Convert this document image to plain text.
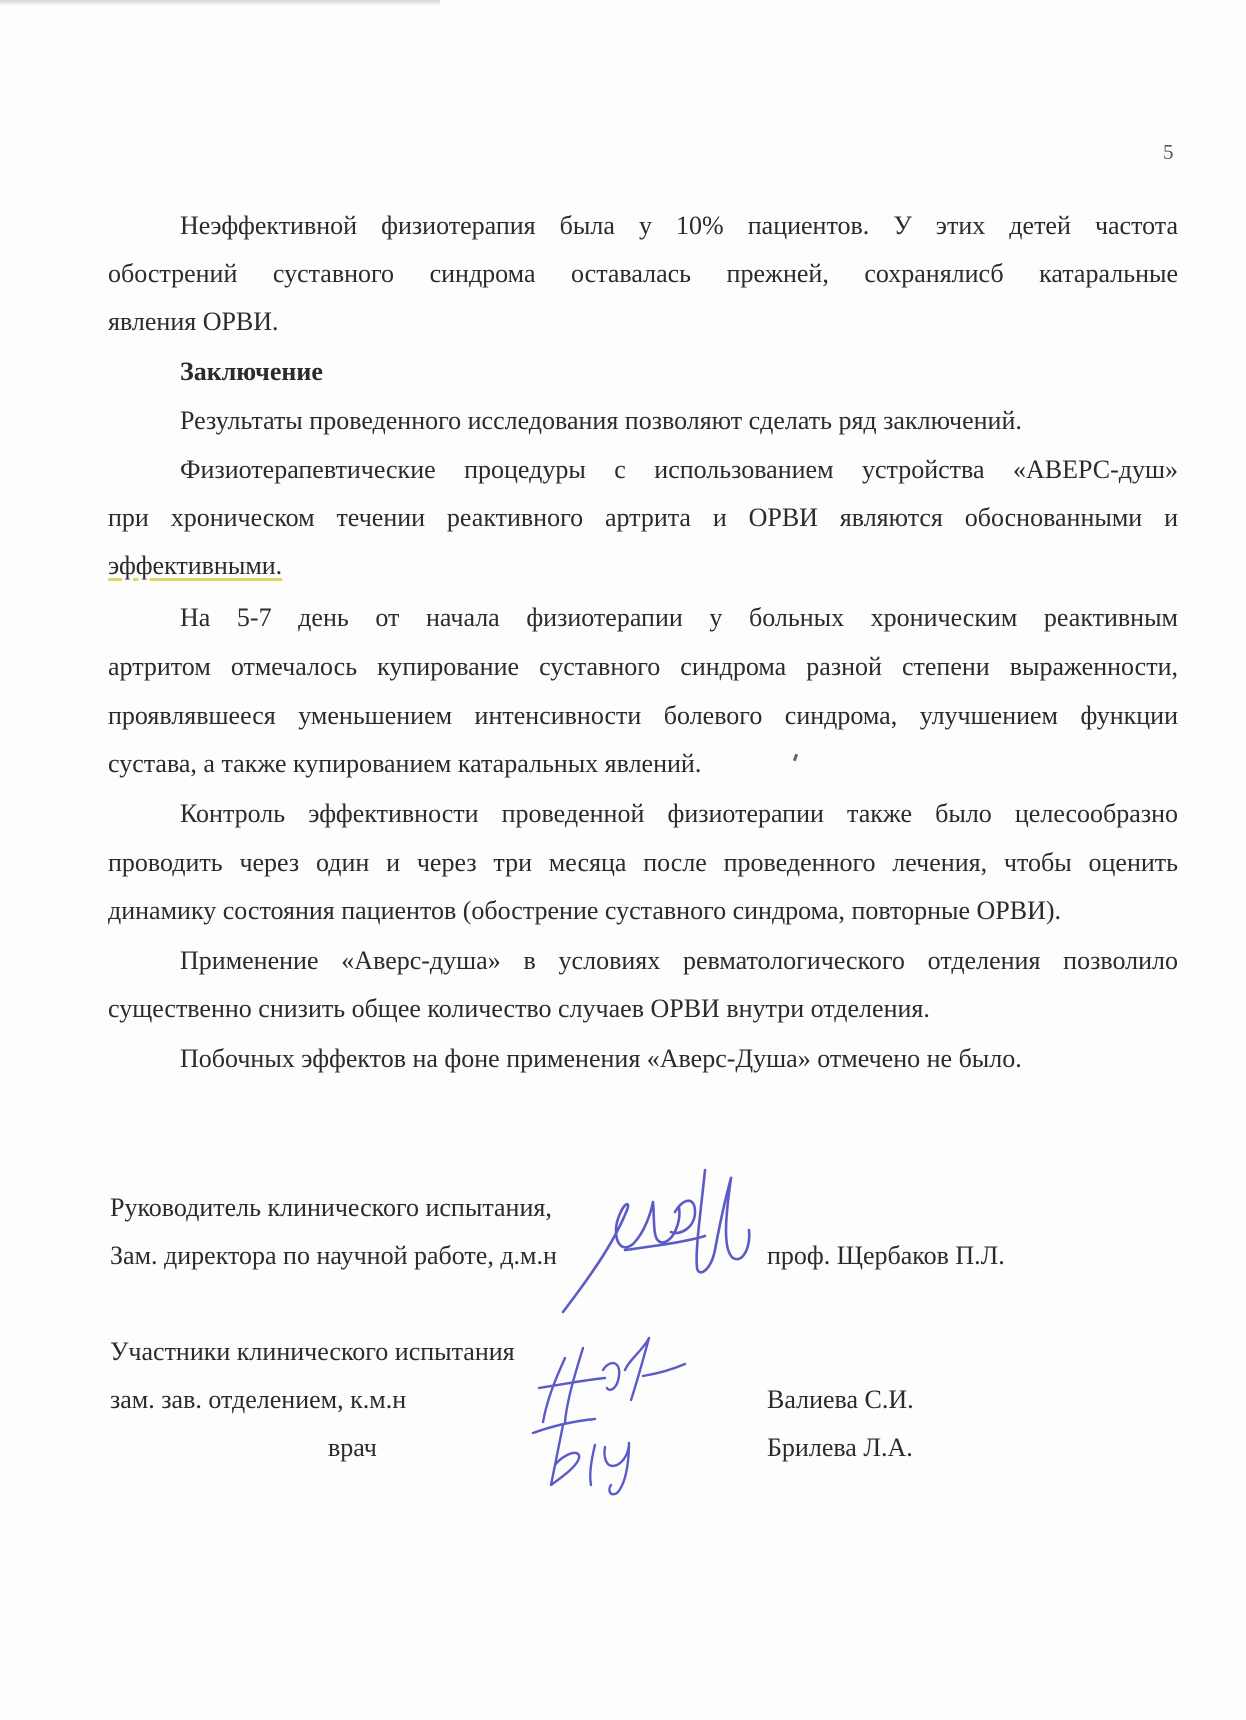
5
Неэффективной физиотерапия была у 10% пациентов. У этих детей частота
обострений суставного синдрома оставалась прежней, сохранялисб катаральные
явления ОРВИ.
Заключение
Результаты проведенного исследования позволяют сделать ряд заключений.
Физиотерапевтические процедуры с использованием устройства «АВЕРС-душ»
при хроническом течении реактивного артрита и ОРВИ являются обоснованными и
эффективными.
На 5-7 день от начала физиотерапии у больных хроническим реактивным
артритом отмечалось купирование суставного синдрома разной степени выраженности,
проявлявшееся уменьшением интенсивности болевого синдрома, улучшением функции
сустава, а также купированием катаральных явлений.
Контроль эффективности проведенной физиотерапии также было целесообразно
проводить через один и через три месяца после проведенного лечения, чтобы оценить
динамику состояния пациентов (обострение суставного синдрома, повторные ОРВИ).
Применение «Аверс-душа» в условиях ревматологического отделения позволило
существенно снизить общее количество случаев ОРВИ внутри отделения.
Побочных эффектов на фоне применения «Аверс-Душа» отмечено не было.
Руководитель клинического испытания,
Зам. директора по научной работе, д.м.н	проф. Щербаков П.Л.
Участники клинического испытания
зам. зав. отделением, к.м.н	Валиева С.И.
врач	Брилева Л.А.
